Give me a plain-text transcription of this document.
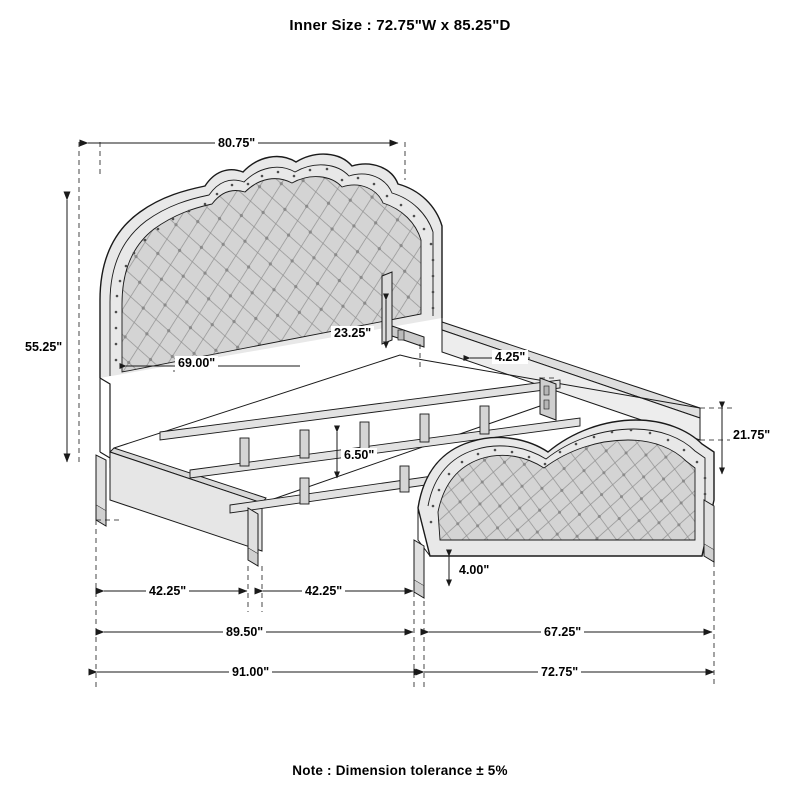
Inner Size : 72.75"W x 85.25"D
80.75"
55.25"
69.00"
23.25"
4.25"
21.75"
6.50"
4.00"
42.25"	42.25"
89.50"	67.25"
91.00"	72.75"
Note : Dimension tolerance ± 5%
